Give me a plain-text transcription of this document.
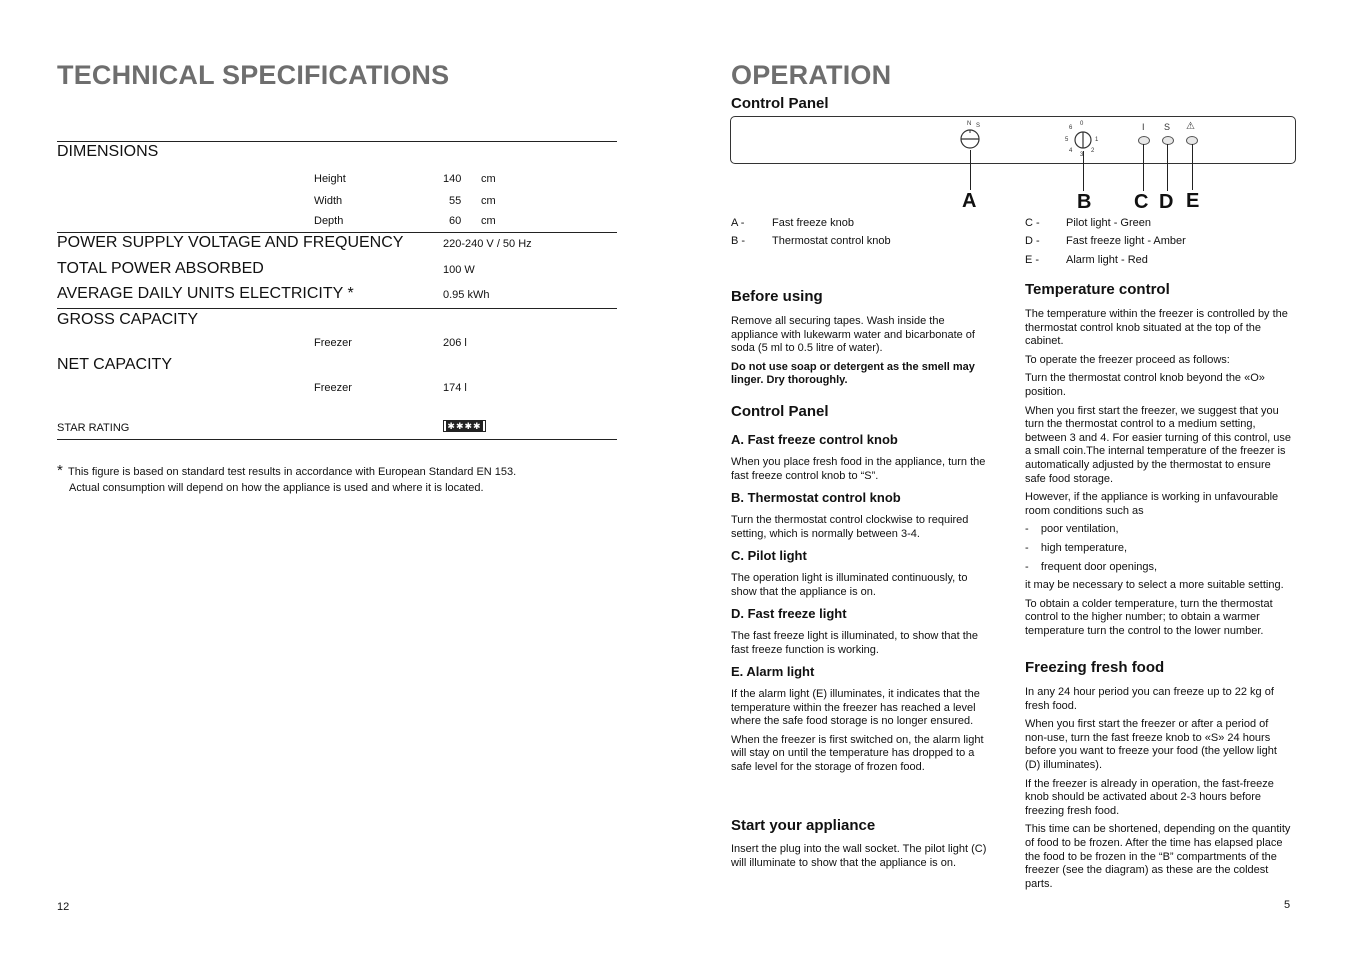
TECHNICAL SPECIFICATIONS
DIMENSIONS
Height	140 cm
Width	55 cm
Depth	60 cm
POWER SUPPLY VOLTAGE AND FREQUENCY	220-240 V / 50 Hz
TOTAL POWER ABSORBED	100 W
AVERAGE DAILY UNITS ELECTRICITY *	0.95 kWh
GROSS CAPACITY
Freezer	206 l
NET CAPACITY
Freezer	174 l
STAR RATING	✱✱✱✱
* This figure is based on standard test results in accordance with European Standard EN 153.
Actual consumption will depend on how the appliance is used and where it is located.
12
OPERATION
Control Panel
N S	6
0
5	1
4	2
3
I S ⚠
A	B C D E
A -	Fast freeze knob
B - Thermostat control knob
C - Pilot light - Green
D - Fast freeze light - Amber
E - Alarm light - Red
Before using

Remove all securing tapes. Wash inside the appliance with lukewarm water and bicarbonate of soda (5 ml to 0.5 litre of water).

Do not use soap or detergent as the smell may linger. Dry thoroughly.

Control Panel
A. Fast freeze control knob
When you place fresh food in the appliance, turn the fast freeze control knob to “S”.
B. Thermostat control knob
Turn the thermostat control clockwise to required setting, which is normally between 3-4.
C. Pilot light
The operation light is illuminated continuously, to show that the appliance is on.
D. Fast freeze light
The fast freeze light is illuminated, to show that the fast freeze function is working.
E. Alarm light

If the alarm light (E) illuminates, it indicates that the temperature within the freezer has reached a level where the safe food storage is no longer ensured.

When the freezer is first switched on, the alarm light will stay on until the temperature has dropped to a safe level for the storage of frozen food.

Start your appliance
Insert the plug into the wall socket. The pilot light (C) will illuminate to show that the appliance is on.
Temperature control

The temperature within the freezer is controlled by the thermostat control knob situated at the top of the cabinet.

To operate the freezer proceed as follows:

Turn the thermostat control knob beyond the «O» position.

When you first start the freezer, we suggest that you turn the thermostat control to a medium setting, between 3 and 4. For easier turning of this control, use a small coin.The internal temperature of the freezer is automatically adjusted by the thermostat to ensure safe food storage.

However, if the appliance is working in unfavourable room conditions such as

-    poor ventilation,

-    high temperature,

-    frequent door openings,

it may be necessary to select a more suitable setting.

To obtain a colder temperature, turn the thermostat control to the higher number; to obtain a warmer temperature turn the control to the lower number.

Freezing fresh food

In any 24 hour period you can freeze up to 22 kg of fresh food.

When you first start the freezer or after a period of non-use, turn the fast freeze knob to «S» 24 hours before you want to freeze your food (the yellow light (D) illuminates).

If the freezer is already in operation, the fast-freeze knob should be activated about 2-3 hours before freezing fresh food.

This time can be shortened, depending on the quantity of food to be frozen. After the time has elapsed place the food to be frozen in the “B” compartments of the freezer (see the diagram) as these are the coldest parts.

5
